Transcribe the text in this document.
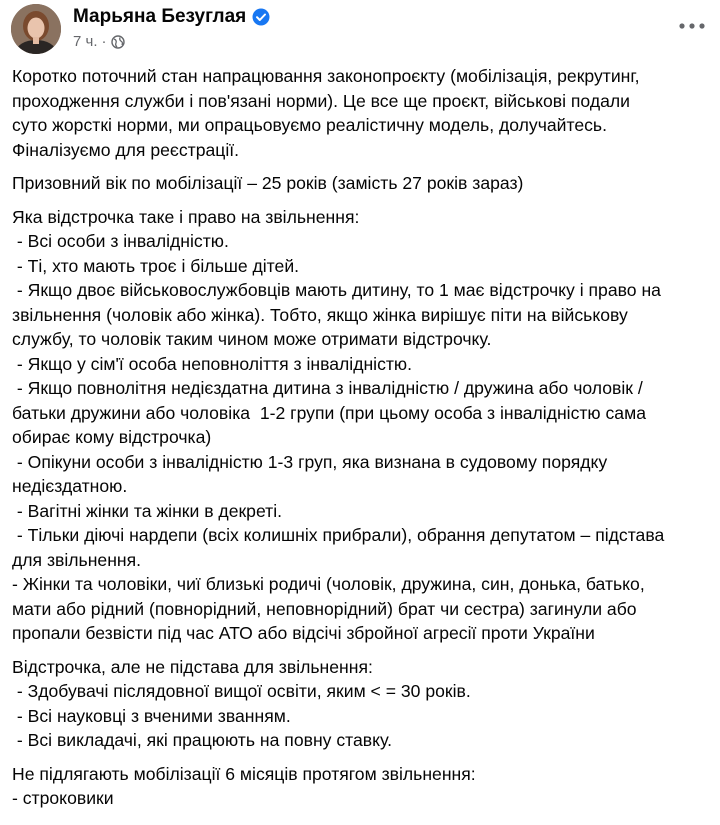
Марьяна Безуглая
7 ч. ·

Коротко поточний стан напрацювання законопроєкту (мобілізація, рекрутинг,
проходження служби і пов'язані норми). Це все ще проєкт, військові подали
суто жорсткі норми, ми опрацьовуємо реалістичну модель, долучайтесь.
Фіналізуємо для реєстрації.

Призовний вік по мобілізації – 25 років (замість 27 років зараз)

Яка відстрочка таке і право на звільнення:
- Всі особи з інвалідністю.
- Ті, хто мають троє і більше дітей.
- Якщо двоє військовослужбовців мають дитину, то 1 має відстрочку і право на
звільнення (чоловік або жінка). Тобто, якщо жінка вирішує піти на військову
службу, то чоловік таким чином може отримати відстрочку.
- Якщо у сім'ї особа неповноліття з інвалідністю.
- Якщо повнолітня недієздатна дитина з інвалідністю / дружина або чоловік /
батьки дружини або чоловіка  1-2 групи (при цьому особа з інвалідністю сама
обирає кому відстрочка)
- Опікуни особи з інвалідністю 1-3 груп, яка визнана в судовому порядку
недієздатною.
- Вагітні жінки та жінки в декреті.
- Тільки діючі нардепи (всіх колишніх прибрали), обрання депутатом – підстава
для звільнення.
- Жінки та чоловіки, чиї близькі родичі (чоловік, дружина, син, донька, батько,
мати або рідний (повнорідний, неповнорідний) брат чи сестра) загинули або
пропали безвісти під час АТО або відсічі збройної агресії проти України

Відстрочка, але не підстава для звільнення:
- Здобувачі післядовної вищої освіти, яким < = 30 років.
- Всі науковці з вченими званням.
- Всі викладачі, які працюють на повну ставку.

Не підлягають мобілізації 6 місяців протягом звільнення:
- строковики
